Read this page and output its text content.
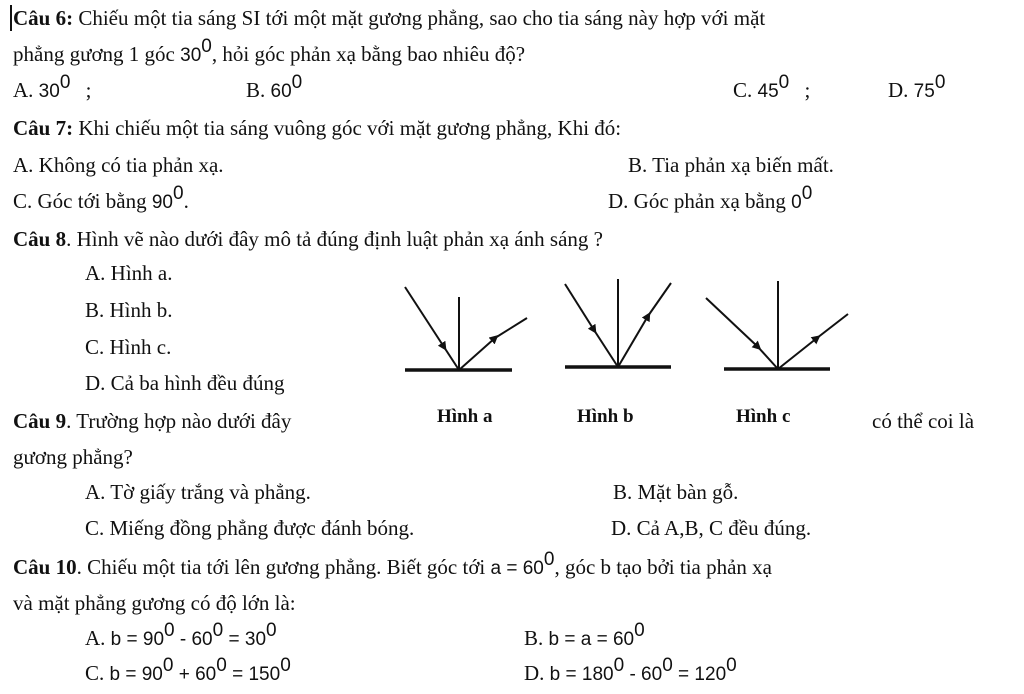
Câu 6: Chiếu một tia sáng SI tới một mặt gương phẳng, sao cho tia sáng này hợp với mặt
phẳng gương 1 góc $30^0$, hỏi góc phản xạ bằng bao nhiêu độ?
A. $30^0$ ;	B. $60^0$	C. $45^0$ ;	D. $75^0$
Câu 7: Khi chiếu một tia sáng vuông góc với mặt gương phẳng, Khi đó:
A. Không có tia phản xạ.	B. Tia phản xạ biến mất.
C. Góc tới bằng $90^0$.	D. Góc phản xạ bằng $0^0$
Câu 8. Hình vẽ nào dưới đây mô tả đúng định luật phản xạ ánh sáng ?
A. Hình a.
B. Hình b.
C. Hình c.
D. Cả ba hình đều đúng
Hình a	Hình b	Hình c
Câu 9. Trường hợp nào dưới đây	có thể coi là
gương phẳng?
A. Tờ giấy trắng và phẳng.	B. Mặt bàn gỗ.
C. Miếng đồng phẳng được đánh bóng.	D. Cả A,B, C đều đúng.
Câu 10. Chiếu một tia tới lên gương phẳng. Biết góc tới $a = 60^0$, góc b tạo bởi tia phản xạ
và mặt phẳng gương có độ lớn là:
A. $b = 90^0 - 60^0 = 30^0$	B. $b = a = 60^0$
C. $b = 90^0 + 60^0 = 150^0$	D. $b = 180^0 - 60^0 = 120^0$
